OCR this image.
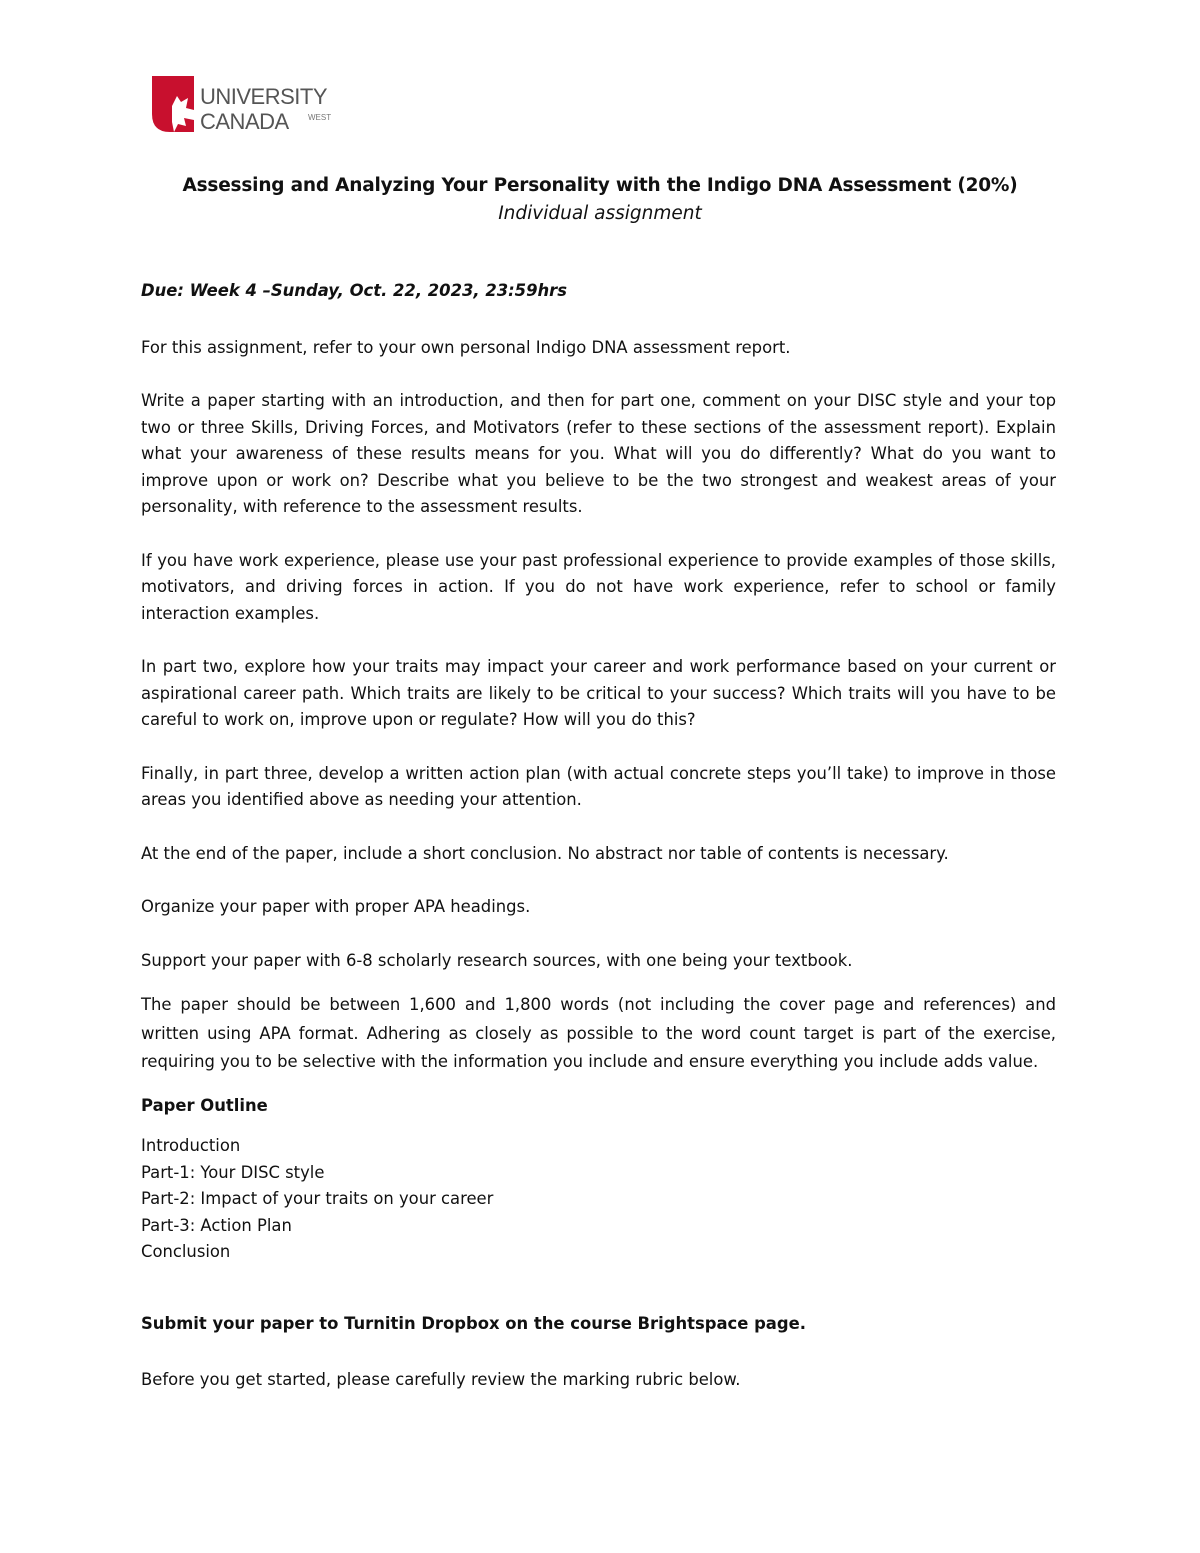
UNIVERSITY
CANADA WEST

Assessing and Analyzing Your Personality with the Indigo DNA Assessment (20%)

Individual assignment

Due: Week 4 –Sunday, Oct. 22, 2023, 23:59hrs

For this assignment, refer to your own personal Indigo DNA assessment report.

Write a paper starting with an introduction, and then for part one, comment on your DISC style and your top two or three Skills, Driving Forces, and Motivators (refer to these sections of the assessment report). Explain what your awareness of these results means for you. What will you do differently? What do you want to improve upon or work on? Describe what you believe to be the two strongest and weakest areas of your personality, with reference to the assessment results.

If you have work experience, please use your past professional experience to provide examples of those skills, motivators, and driving forces in action. If you do not have work experience, refer to school or family interaction examples.

In part two, explore how your traits may impact your career and work performance based on your current or aspirational career path. Which traits are likely to be critical to your success? Which traits will you have to be careful to work on, improve upon or regulate? How will you do this?

Finally, in part three, develop a written action plan (with actual concrete steps you’ll take) to improve in those areas you identified above as needing your attention.

At the end of the paper, include a short conclusion. No abstract nor table of contents is necessary.

Organize your paper with proper APA headings.

Support your paper with 6-8 scholarly research sources, with one being your textbook.

The paper should be between 1,600 and 1,800 words (not including the cover page and references) and written using APA format. Adhering as closely as possible to the word count target is part of the exercise, requiring you to be selective with the information you include and ensure everything you include adds value.

Paper Outline

Introduction

Part-1: Your DISC style

Part-2: Impact of your traits on your career

Part-3: Action Plan

Conclusion

Submit your paper to Turnitin Dropbox on the course Brightspace page.

Before you get started, please carefully review the marking rubric below.
